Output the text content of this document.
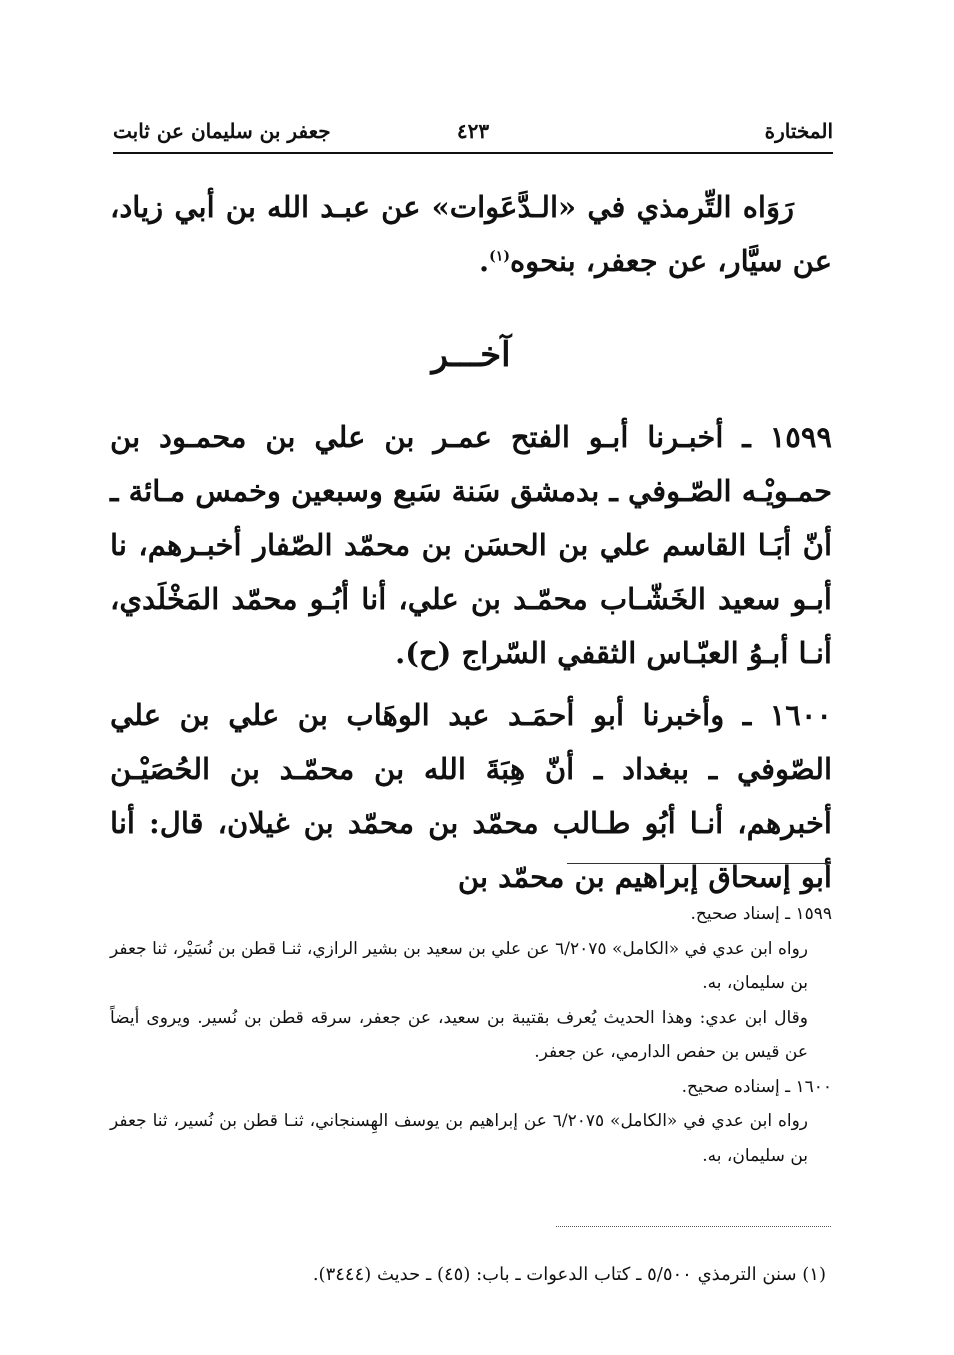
المختارة
٤٢٣
جعفر بن سليمان عن ثابت

رَوَاه التِّرمذي في «الـدَّعَوات» عن عبـد الله بن أبي زياد، عن سيَّار، عن جعفر، بنحوه$^{(١)}$.

آخـــر

١٥٩٩ ـ أخبـرنا أبـو الفتح عمـر بن علي بن محمـود بن حمـويْـه الصّـوفي ـ بدمشق سَنة سَبع وسبعين وخمس مـائة ـ أنّ أبَـا القاسم علي بن الحسَن بن محمّد الصّفار أخبـرهم، نا أبـو سعيد الخَشّـاب محمّـد بن علي، أنا أبُـو محمّد المَخْلَدي، أنـا أبـوُ العبّـاس الثقفي السّراج (ح).

١٦٠٠ ـ وأخبرنا أبو أحمَـد عبد الوهَاب بن علي بن علي الصّوفي ـ ببغداد ـ أنّ هِبَةَ الله بن محمّـد بن الحُصَيْـن أخبرهم، أنـا أبُو طـالب محمّد بن محمّد بن غيلان، قال: أنا أبو إسحاق إبراهيم بن محمّد بن

١٥٩٩ ـ إسناد صحيح.

رواه ابن عدي في «الكامل» ٦/٢٠٧٥ عن علي بن سعيد بن بشير الرازي، ثنـا قطن بن نُسَيْر، ثنا جعفر بن سليمان، به.

وقال ابن عدي: وهذا الحديث يُعرف بقتيبة بن سعيد، عن جعفر، سرقه قطن بن نُسير. ويروى أيضاً عن قيس بن حفص الدارمي، عن جعفر.

١٦٠٠ ـ إسناده صحيح.

رواه ابن عدي في «الكامل» ٦/٢٠٧٥ عن إبراهيم بن يوسف الهِسنجاني، ثنـا قطن بن نُسير، ثنا جعفر بن سليمان، به.

(١) سنن الترمذي ٥/٥٠٠ ـ كتاب الدعوات ـ باب: (٤٥) ـ حديث (٣٤٤٤).
